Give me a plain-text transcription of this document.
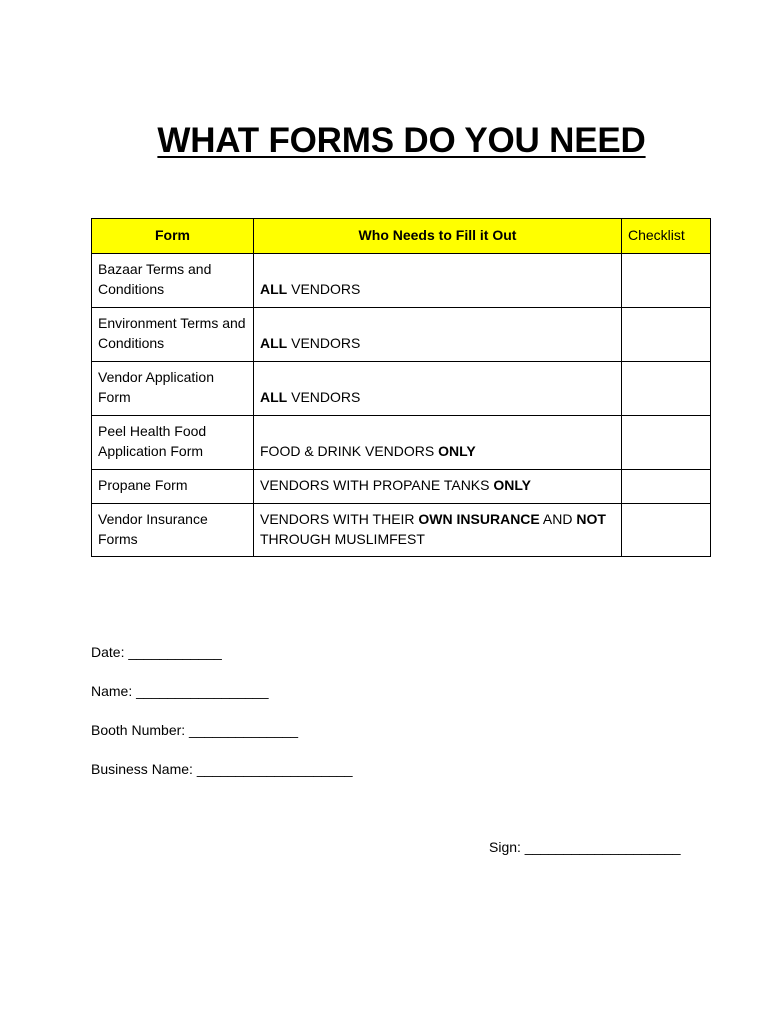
WHAT FORMS DO YOU NEED
Form	Who Needs to Fill it Out	Checklist
Bazaar Terms and
Conditions	ALL VENDORS	
Environment Terms and
Conditions	ALL VENDORS	
Vendor Application
Form	ALL VENDORS	
Peel Health Food
Application Form	FOOD & DRINK VENDORS ONLY	
Propane Form	VENDORS WITH PROPANE TANKS ONLY	
Vendor Insurance
Forms	VENDORS WITH THEIR OWN INSURANCE AND NOT THROUGH MUSLIMFEST	
Date: ____________
Name: _________________
Booth Number: ______________
Business Name: ____________________
Sign: ____________________
